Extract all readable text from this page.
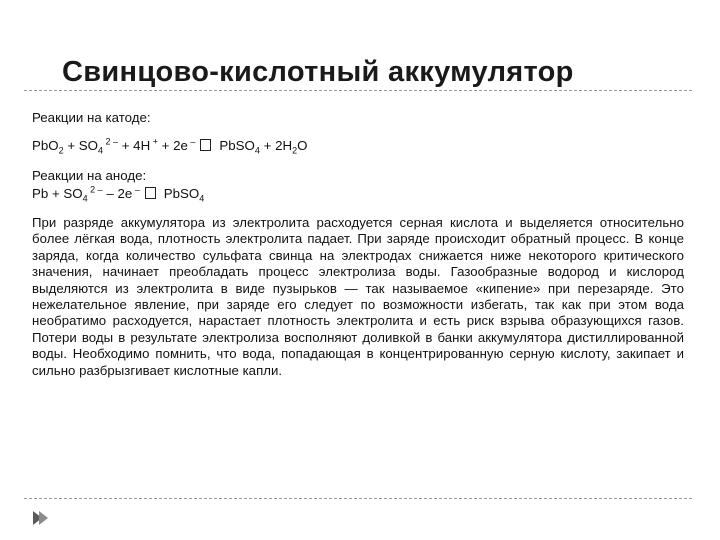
Свинцово-кислотный аккумулятор

Реакции на катоде:

$PbO_2 + SO_4$ $^{2 -}$ + 4H + + 2e – PbSO$_4$ + $2H_2O$

Реакции на аноде:

$Pb + SO_4$ $^{2 -}$ – 2e – PbSO$_4$

При разряде аккумулятора из электролита расходуется серная кислота и выделяется относительно более лёгкая вода, плотность электролита падает. При заряде происходит обратный процесс. В конце заряда, когда количество сульфата свинца на электродах снижается ниже некоторого критического значения, начинает преобладать процесс электролиза воды. Газообразные водород и кислород выделяются из электролита в виде пузырьков — так называемое «кипение» при перезаряде. Это нежелательное явление, при заряде его следует по возможности избегать, так как при этом вода необратимо расходуется, нарастает плотность электролита и есть риск взрыва образующихся газов. Потери воды в результате электролиза восполняют доливкой в банки аккумулятора дистиллированной воды. Необходимо помнить, что вода, попадающая в концентрированную серную кислоту, закипает и сильно разбрызгивает кислотные капли.
